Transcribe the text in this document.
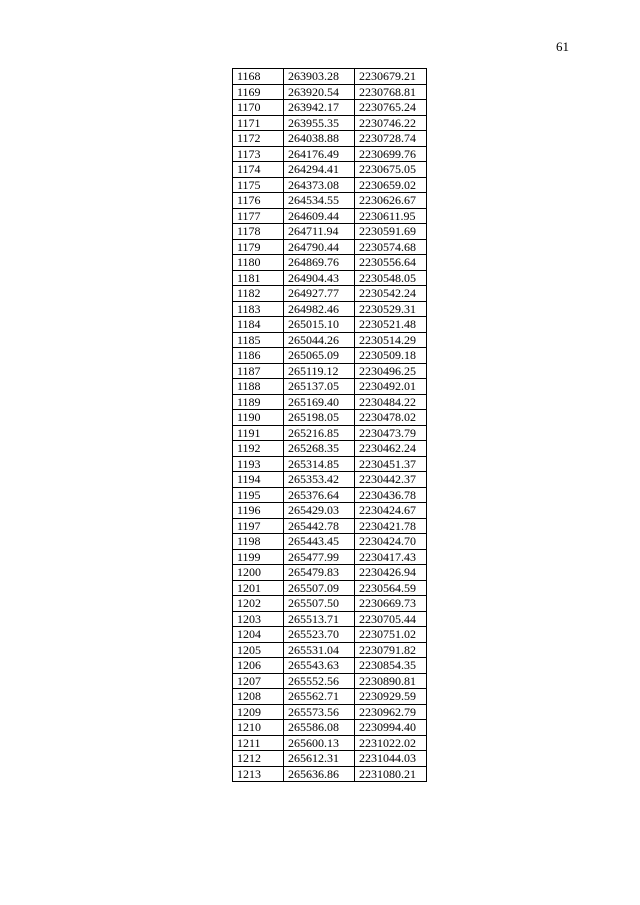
61
1168	263903.28	2230679.21
1169	263920.54	2230768.81
1170	263942.17	2230765.24
1171	263955.35	2230746.22
1172	264038.88	2230728.74
1173	264176.49	2230699.76
1174	264294.41	2230675.05
1175	264373.08	2230659.02
1176	264534.55	2230626.67
1177	264609.44	2230611.95
1178	264711.94	2230591.69
1179	264790.44	2230574.68
1180	264869.76	2230556.64
1181	264904.43	2230548.05
1182	264927.77	2230542.24
1183	264982.46	2230529.31
1184	265015.10	2230521.48
1185	265044.26	2230514.29
1186	265065.09	2230509.18
1187	265119.12	2230496.25
1188	265137.05	2230492.01
1189	265169.40	2230484.22
1190	265198.05	2230478.02
1191	265216.85	2230473.79
1192	265268.35	2230462.24
1193	265314.85	2230451.37
1194	265353.42	2230442.37
1195	265376.64	2230436.78
1196	265429.03	2230424.67
1197	265442.78	2230421.78
1198	265443.45	2230424.70
1199	265477.99	2230417.43
1200	265479.83	2230426.94
1201	265507.09	2230564.59
1202	265507.50	2230669.73
1203	265513.71	2230705.44
1204	265523.70	2230751.02
1205	265531.04	2230791.82
1206	265543.63	2230854.35
1207	265552.56	2230890.81
1208	265562.71	2230929.59
1209	265573.56	2230962.79
1210	265586.08	2230994.40
1211	265600.13	2231022.02
1212	265612.31	2231044.03
1213	265636.86	2231080.21
